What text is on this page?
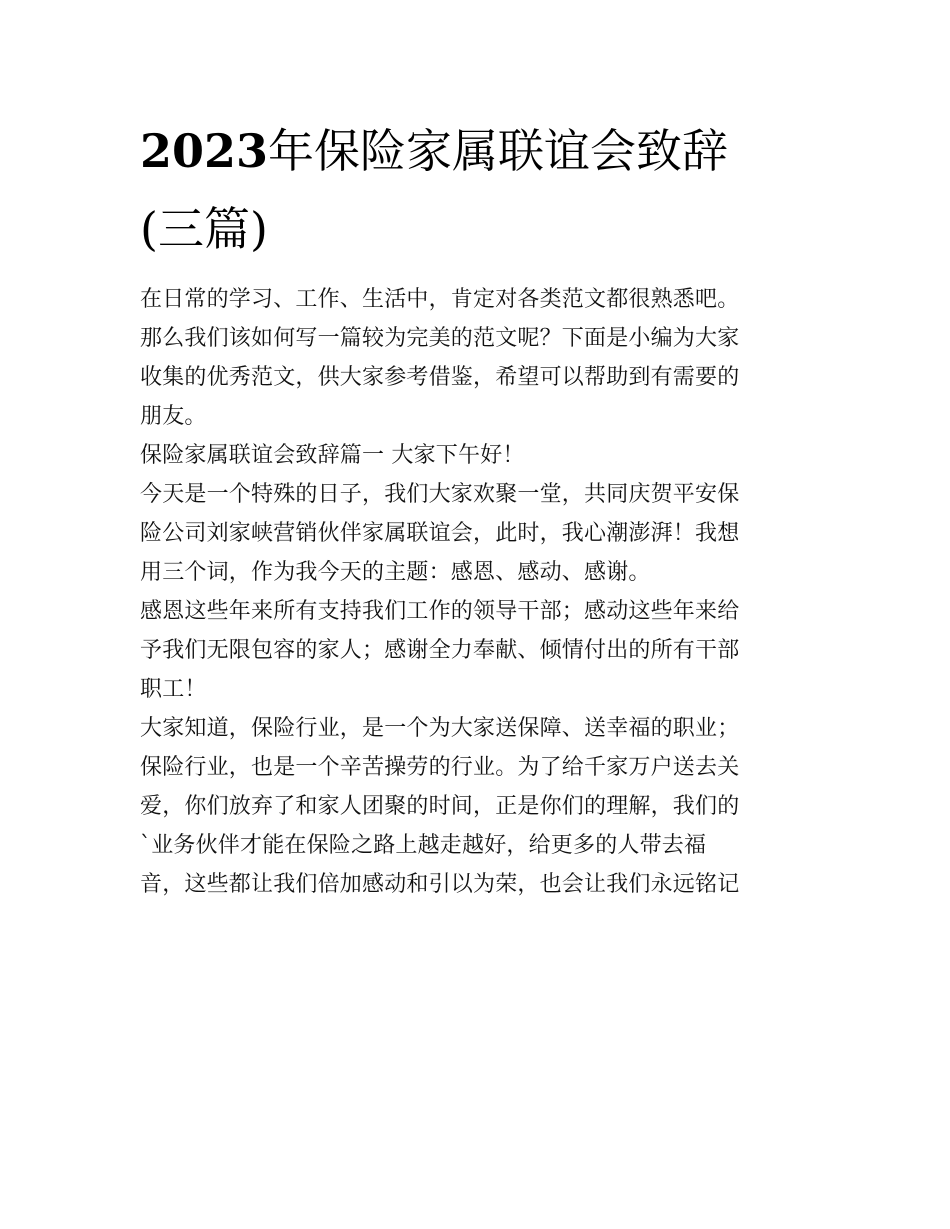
2023年保险家属联谊会致辞
(三篇)

在日常的学习、工作、生活中，肯定对各类范文都很熟悉吧。

那么我们该如何写一篇较为完美的范文呢？下面是小编为大家

收集的优秀范文，供大家参考借鉴，希望可以帮助到有需要的

朋友。

保险家属联谊会致辞篇一 大家下午好！

今天是一个特殊的日子，我们大家欢聚一堂，共同庆贺平安保

险公司刘家峡营销伙伴家属联谊会，此时，我心潮澎湃！我想

用三个词，作为我今天的主题：感恩、感动、感谢。

感恩这些年来所有支持我们工作的领导干部；感动这些年来给

予我们无限包容的家人；感谢全力奉献、倾情付出的所有干部

职工！

大家知道，保险行业，是一个为大家送保障、送幸福的职业；

保险行业，也是一个辛苦操劳的行业。为了给千家万户送去关

爱，你们放弃了和家人团聚的时间，正是你们的理解，我们的

`业务伙伴才能在保险之路上越走越好，给更多的人带去福

音，这些都让我们倍加感动和引以为荣，也会让我们永远铭记
